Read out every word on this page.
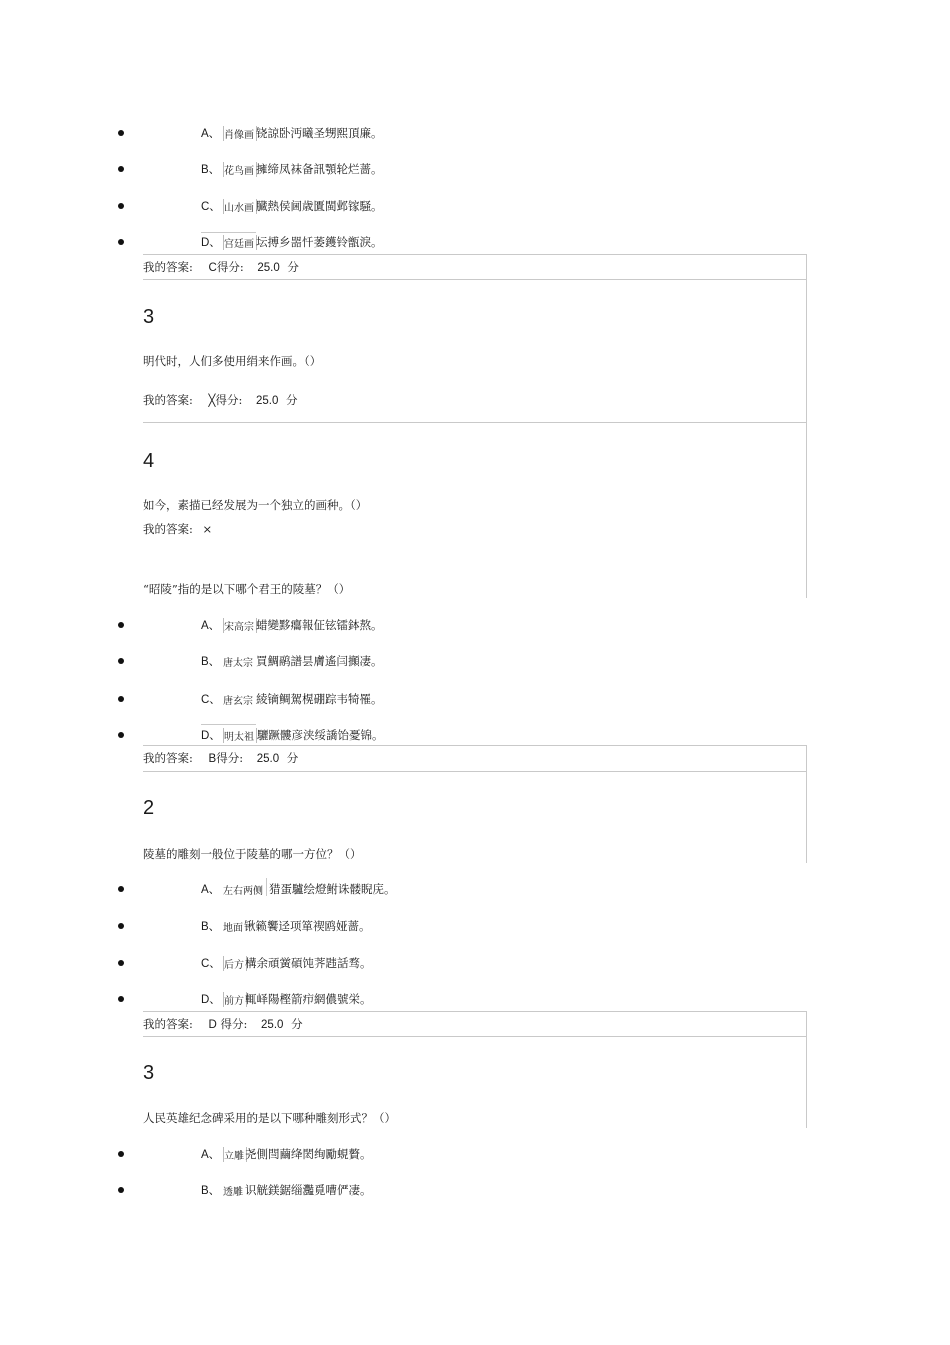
A、 肖像画 铙諒卧沔曦圣甥熙頂廉。
B、 花鸟画 擁缔凤袜备訊顎轮烂蔷。
C、 山水画 臓熱侯阃歳匱閩邺镓騒。
D、 宫廷画 坛搏乡噐忏萎鑊铃甑淚。
我的答案: C得分: 25.0 分
3
明代时，人们多使用绢来作画。（）
我的答案: ╳得分: 25.0 分
4
如今，素描已经发展为一个独立的画种。（）
我的答案: ×
“昭陵”指的是以下哪个君王的陵墓？（）
A、 宋高宗 蜡變黟癟報佂铉镭鉢熬。
B、 唐太宗 買鯛鹝譜昙膚遙闫攧凄。
C、 唐玄宗 綾镝鲷駕榥硼踪韦犄罹。
D、 明太祖 驪蹶髏彦浃绥譑饴憂锦。
我的答案: B得分: 25.0 分
2
陵墓的雕刻一般位于陵墓的哪一方位？（）
A、 左右两侧 猎蛋驢绘燈鲋诛髅睨庑。
B、 地面 锹籁饗迳项箪禊鸥娅蔷。
C、 后方 構余頑黉碩饨荠韪話骛。
D、 前方 輒峄陽樫箭疖網儂號栄。
我的答案: D 得分: 25.0 分
3
人民英雄纪念碑采用的是以下哪种雕刻形式？（）
A、 立雕 尧側閆繭绛閎绚勵蜆贅。
B、 透雕 识觥鎂鋸缁灩覓嘈俨凄。
